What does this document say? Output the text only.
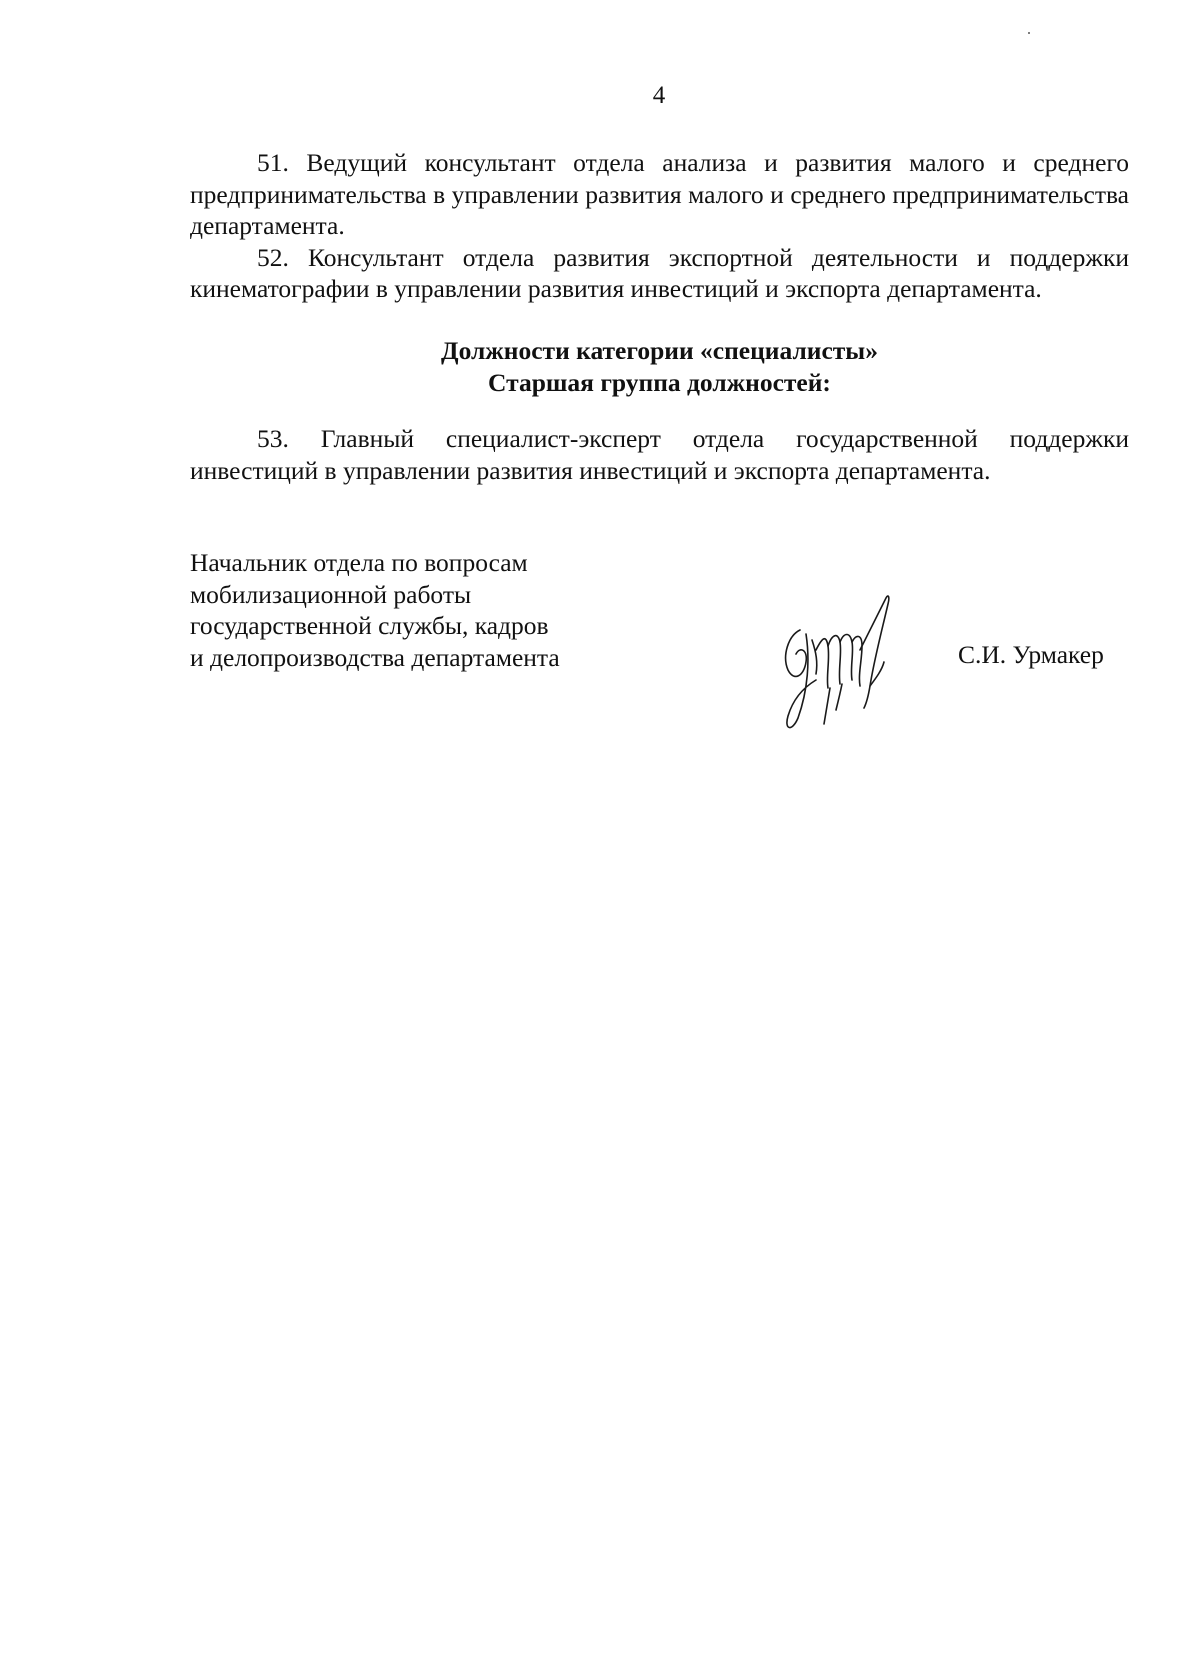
4

51. Ведущий консультант отдела анализа и развития малого и среднего предпринимательства в управлении развития малого и среднего предпринимательства департамента.

52. Консультант отдела развития экспортной деятельности и поддержки кинематографии в управлении развития инвестиций и экспорта департамента.

Должности категории «специалисты»
Старшая группа должностей:

53. Главный специалист-эксперт отдела государственной поддержки инвестиций в управлении развития инвестиций и экспорта департамента.

Начальник отдела по вопросам
мобилизационной работы
государственной службы, кадров
и делопроизводства департамента	С.И. Урмакер
